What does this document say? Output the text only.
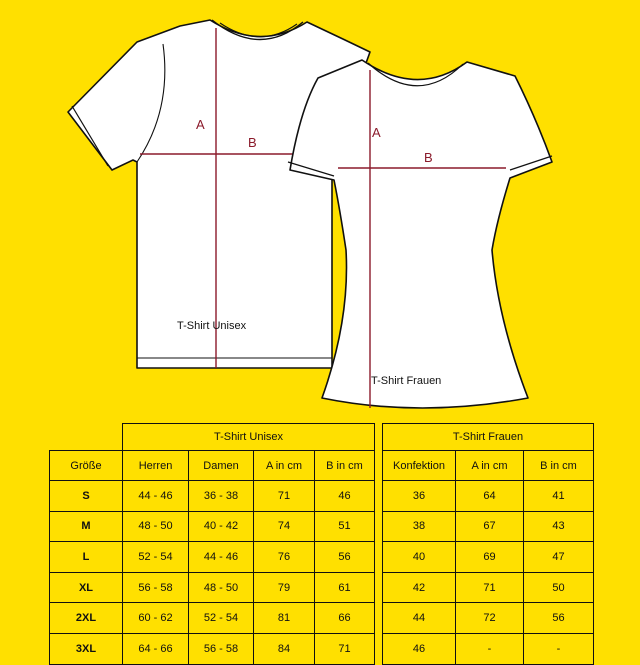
A
B
A
B
T-Shirt Unisex
T-Shirt Frauen
	T-Shirt Unisex					T-Shirt Frauen		
Größe	Herren	Damen	A in cm	B in cm		Konfektion	A in cm	B in cm
S	44 - 46	36 - 38	71	46		36	64	41
M	48 - 50	40 - 42	74	51		38	67	43
L	52 - 54	44 - 46	76	56		40	69	47
XL	56 - 58	48 - 50	79	61		42	71	50
2XL	60 - 62	52 - 54	81	66		44	72	56
3XL	64 - 66	56 - 58	84	71		46	-	-
